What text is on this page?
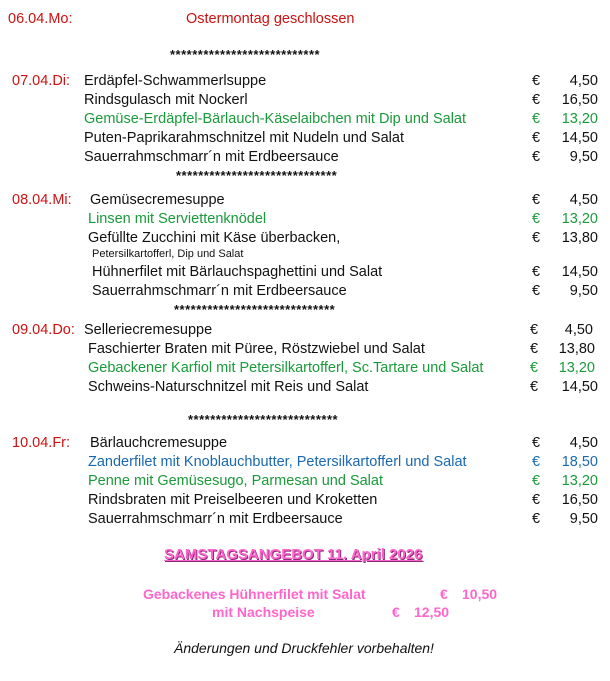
06.04.Mo:	Ostermontag geschlossen
***************************
07.04.Di: Erdäpfel-Schwammerlsuppe	€	4,50
Rindsgulasch mit Nockerl	€	16,50
Gemüse-Erdäpfel-Bärlauch-Käselaibchen mit Dip und Salat	€	13,20
Puten-Paprikarahmschnitzel mit Nudeln und Salat	€	14,50
Sauerrahmschmarr´n mit Erdbeersauce	€	9,50
*****************************
08.04.Mi: Gemüsecremesuppe	€	4,50
Linsen mit Serviettenknödel	€	13,20
Gefüllte Zucchini mit Käse überbacken,	€	13,80
Petersilkartofferl, Dip und Salat
Hühnerfilet mit Bärlauchspaghettini und Salat	€	14,50
Sauerrahmschmarr´n mit Erdbeersauce	€	9,50
*****************************
09.04.Do: Selleriecremesuppe	€	4,50
Faschierter Braten mit Püree, Röstzwiebel und Salat	€	13,80
Gebackener Karfiol mit Petersilkartofferl, Sc.Tartare und Salat	€	13,20
Schweins-Naturschnitzel mit Reis und Salat	€	14,50
***************************
10.04.Fr: Bärlauchcremesuppe	€	4,50
Zanderfilet mit Knoblauchbutter, Petersilkartofferl und Salat	€	18,50
Penne mit Gemüsesugo, Parmesan und Salat	€	13,20
Rindsbraten mit Preiselbeeren und Kroketten	€	16,50
Sauerrahmschmarr´n mit Erdbeersauce	€	9,50
SAMSTAGSANGEBOT 11. April 2026
Gebackenes Hühnerfilet mit Salat	€ 10,50
mit Nachspeise	€ 12,50
Änderungen und Druckfehler vorbehalten!
